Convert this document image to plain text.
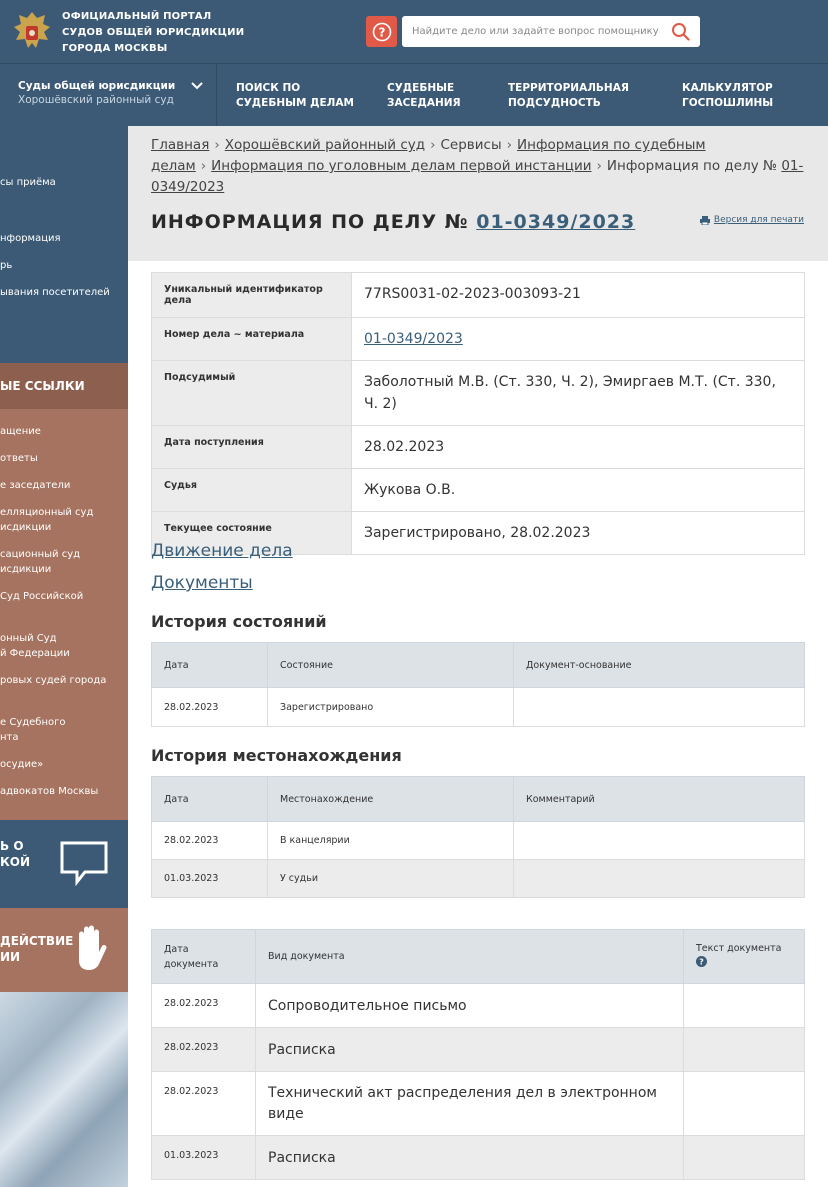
ОФИЦИАЛЬНЫЙ ПОРТАЛ
СУДОВ ОБЩЕЙ ЮРИСДИКЦИИ
ГОРОДА МОСКВЫ
?
Найдите дело или задайте вопрос помощнику
Суды общей юрисдикции
Хорошёвский районный суд
ПОИСК ПО
СУДЕБНЫМ ДЕЛАМ
СУДЕБНЫЕ
ЗАСЕДАНИЯ
ТЕРРИТОРИАЛЬНАЯ
ПОДСУДНОСТЬ
КАЛЬКУЛЯТОР
ГОСПОШЛИНЫ
сы приёма
нформация
рь
ывания посетителей
ЫЕ ССЫЛКИ
ащение
ответы
е заседатели
елляционный суд
исдикции
сационный суд
исдикции
Суд Российской
онный Суд
й Федерации
ровых судей города
е Судебного
нта
осудие»
адвокатов Москвы
Ь О
КОЙ
ДЕЙСТВИЕ
ИИ
Главная › Хорошёвский районный суд › Сервисы › Информация по судебным делам › Информация по уголовным делам первой инстанции › Информация по делу № 01-0349/2023
ИНФОРМАЦИЯ ПО ДЕЛУ № 01-0349/2023	Версия для печати
Уникальный идентификатор дела	77RS0031-02-2023-003093-21
Номер дела ~ материала	01-0349/2023
Подсудимый	Заболотный М.В. (Ст. 330, Ч. 2), Эмиргаев М.Т. (Ст. 330, Ч. 2)
Дата поступления	28.02.2023
Судья	Жукова О.В.
Текущее состояние	Зарегистрировано, 28.02.2023
Движение дела
Документы
История состояний
Дата	Состояние	Документ-основание
28.02.2023	Зарегистрировано	
История местонахождения
Дата	Местонахождение	Комментарий
28.02.2023	В канцелярии	
01.03.2023	У судьи	
Дата документа	Вид документа	Текст документа

?

28.02.2023	Сопроводительное письмо	
28.02.2023	Расписка	
28.02.2023	Технический акт распределения дел в электронном виде	
01.03.2023	Расписка	
